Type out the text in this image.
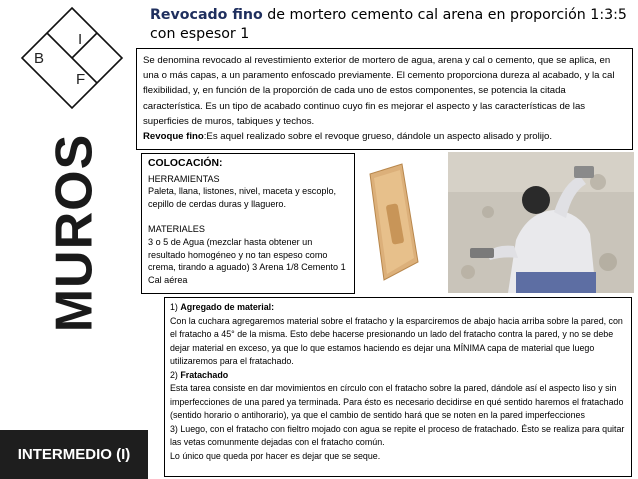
I
B
F
MUROS
INTERMEDIO (I)
Revocado fino de mortero cemento cal arena en proporción 1:3:5 con espesor 1
Se denomina revocado al revestimiento exterior de mortero de agua, arena y cal o cemento, que se aplica, en una o más capas, a un paramento enfoscado previamente. El cemento proporciona dureza al acabado, y la cal flexibilidad, y, en función de la proporción de cada uno de estos componentes, se potencia la citada característica. Es un tipo de acabado continuo cuyo fin es mejorar el aspecto y las características de las superficies de muros, tabiques y techos.
Revoque fino:Es aquel realizado sobre el revoque grueso, dándole un aspecto alisado y prolijo.
COLOCACIÓN:
HERRAMIENTAS
Paleta, llana, listones, nivel, maceta y escoplo, cepillo de cerdas duras y llaguero.
MATERIALES
3 o 5 de Agua (mezclar hasta obtener un resultado homogéneo y no tan espeso como crema, tirando a aguado) 3 Arena 1/8 Cemento 1 Cal aérea
1) Agregado de material:
Con la cuchara agregaremos material sobre el fratacho y la esparciremos de abajo hacia arriba sobre la pared, con el fratacho a 45° de la misma. Esto debe hacerse presionando un lado del fratacho contra la pared, y no se debe dejar material en exceso, ya que lo que estamos haciendo es dejar una MÍNIMA capa de material que luego utilizaremos para el fratachado.
2) Fratachado
Esta tarea consiste en dar movimientos en círculo con el fratacho sobre la pared, dándole así el aspecto liso y sin imperfecciones de una pared ya terminada. Para ésto es necesario decidirse en qué sentido haremos el fratachado (sentido horario o antihorario), ya que el cambio de sentido hará que se noten en la pared imperfecciones
3) Luego, con el fratacho con fieltro mojado con agua se repite el proceso de fratachado. Ésto se realiza para quitar las vetas comunmente dejadas con el fratacho común.
Lo único que queda por hacer es dejar que se seque.
